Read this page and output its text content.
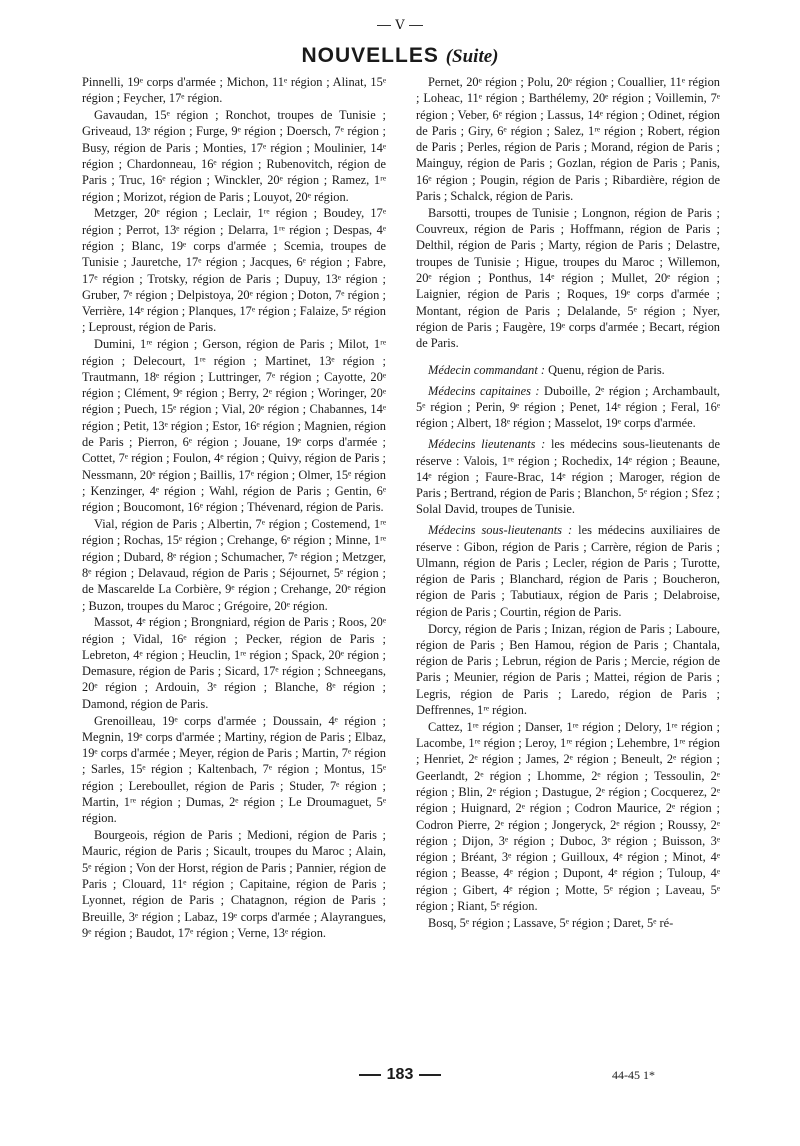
V
NOUVELLES (Suite)

Pinnelli, 19ᵉ corps d'armée ; Michon, 11ᵉ région ; Alinat, 15ᵉ région ; Feycher, 17ᵉ région.

Gavaudan, 15ᵉ région ; Ronchot, troupes de Tunisie ; Griveaud, 13ᵉ région ; Furge, 9ᵉ région ; Doersch, 7ᵉ région ; Busy, région de Paris ; Monties, 17ᵉ région ; Moulinier, 14ᵉ région ; Chardonneau, 16ᵉ région ; Rubenovitch, région de Paris ; Truc, 16ᵉ région ; Winckler, 20ᵉ région ; Ramez, 1ʳᵉ région ; Morizot, région de Paris ; Louyot, 20ᵉ région.

Metzger, 20ᵉ région ; Leclair, 1ʳᵉ région ; Boudey, 17ᵉ région ; Perrot, 13ᵉ région ; Delarra, 1ʳᵉ région ; Despas, 4ᵉ région ; Blanc, 19ᵉ corps d'armée ; Scemia, troupes de Tunisie ; Jauretche, 17ᵉ région ; Jacques, 6ᵉ région ; Fabre, 17ᵉ région ; Trotsky, région de Paris ; Dupuy, 13ᵉ région ; Gruber, 7ᵉ région ; Delpistoya, 20ᵉ région ; Doton, 7ᵉ région ; Verrière, 14ᵉ région ; Planques, 17ᵉ région ; Falaize, 5ᵉ région ; Leproust, région de Paris.

Dumini, 1ʳᵉ région ; Gerson, région de Paris ; Milot, 1ʳᵉ région ; Delecourt, 1ʳᵉ région ; Martinet, 13ᵉ région ; Trautmann, 18ᵉ région ; Luttringer, 7ᵉ région ; Cayotte, 20ᵉ région ; Clément, 9ᵉ région ; Berry, 2ᵉ région ; Woringer, 20ᵉ région ; Puech, 15ᵉ région ; Vial, 20ᵉ région ; Chabannes, 14ᵉ région ; Petit, 13ᵉ région ; Estor, 16ᵉ région ; Magnien, région de Paris ; Pierron, 6ᵉ région ; Jouane, 19ᵉ corps d'armée ; Cottet, 7ᵉ région ; Foulon, 4ᵉ région ; Quivy, région de Paris ; Nessmann, 20ᵉ région ; Baillis, 17ᵉ région ; Olmer, 15ᵉ région ; Kenzinger, 4ᵉ région ; Wahl, région de Paris ; Gentin, 6ᵉ région ; Boucomont, 16ᵉ région ; Thévenard, région de Paris.

Vial, région de Paris ; Albertin, 7ᵉ région ; Costemend, 1ʳᵉ région ; Rochas, 15ᵉ région ; Crehange, 6ᵉ région ; Minne, 1ʳᵉ région ; Dubard, 8ᵉ région ; Schumacher, 7ᵉ région ; Metzger, 8ᵉ région ; Delavaud, région de Paris ; Séjournet, 5ᵉ région ; de Mascarelde La Corbière, 9ᵉ région ; Crehange, 20ᵉ région ; Buzon, troupes du Maroc ; Grégoire, 20ᵉ région.

Massot, 4ᵉ région ; Brongniard, région de Paris ; Roos, 20ᵉ région ; Vidal, 16ᵉ région ; Pecker, région de Paris ; Lebreton, 4ᵉ région ; Heuclin, 1ʳᵉ région ; Spack, 20ᵉ région ; Demasure, région de Paris ; Sicard, 17ᵉ région ; Schneegans, 20ᵉ région ; Ardouin, 3ᵉ région ; Blanche, 8ᵉ région ; Damond, région de Paris.

Grenoilleau, 19ᵉ corps d'armée ; Doussain, 4ᵉ région ; Megnin, 19ᵉ corps d'armée ; Martiny, région de Paris ; Elbaz, 19ᵉ corps d'armée ; Meyer, région de Paris ; Martin, 7ᵉ région ; Sarles, 15ᵉ région ; Kaltenbach, 7ᵉ région ; Montus, 15ᵉ région ; Lereboullet, région de Paris ; Studer, 7ᵉ région ; Martin, 1ʳᵉ région ; Dumas, 2ᵉ région ; Le Droumaguet, 5ᵉ région.

Bourgeois, région de Paris ; Medioni, région de Paris ; Mauric, région de Paris ; Sicault, troupes du Maroc ; Alain, 5ᵉ région ; Von der Horst, région de Paris ; Pannier, région de Paris ; Clouard, 11ᵉ région ; Capitaine, région de Paris ; Lyonnet, région de Paris ; Chatagnon, région de Paris ; Breuille, 3ᵉ région ; Labaz, 19ᵉ corps d'armée ; Alayrangues, 9ᵉ région ; Baudot, 17ᵉ région ; Verne, 13ᵉ région.

Pernet, 20ᵉ région ; Polu, 20ᵉ région ; Couallier, 11ᵉ région ; Loheac, 11ᵉ région ; Barthélemy, 20ᵉ région ; Voillemin, 7ᵉ région ; Veber, 6ᵉ région ; Lassus, 14ᵉ région ; Odinet, région de Paris ; Giry, 6ᵉ région ; Salez, 1ʳᵉ région ; Robert, région de Paris ; Perles, région de Paris ; Morand, région de Paris ; Mainguy, région de Paris ; Gozlan, région de Paris ; Panis, 16ᵉ région ; Pougin, région de Paris ; Ribardière, région de Paris ; Schalck, région de Paris.

Barsotti, troupes de Tunisie ; Longnon, région de Paris ; Couvreux, région de Paris ; Hoffmann, région de Paris ; Delthil, région de Paris ; Marty, région de Paris ; Delastre, troupes de Tunisie ; Higue, troupes du Maroc ; Willemon, 20ᵉ région ; Ponthus, 14ᵉ région ; Mullet, 20ᵉ région ; Laignier, région de Paris ; Roques, 19ᵉ corps d'armée ; Montant, région de Paris ; Delalande, 5ᵉ région ; Nyer, région de Paris ; Faugère, 19ᵉ corps d'armée ; Becart, région de Paris.

Médecin commandant : Quenu, région de Paris.

Médecins capitaines : Duboille, 2ᵉ région ; Archambault, 5ᵉ région ; Perin, 9ᵉ région ; Penet, 14ᵉ région ; Feral, 16ᵉ région ; Albert, 18ᵉ région ; Masselot, 19ᵉ corps d'armée.

Médecins lieutenants : les médecins sous-lieutenants de réserve : Valois, 1ʳᵉ région ; Rochedix, 14ᵉ région ; Beaune, 14ᵉ région ; Faure-Brac, 14ᵉ région ; Maroger, région de Paris ; Bertrand, région de Paris ; Blanchon, 5ᵉ région ; Sfez ; Solal David, troupes de Tunisie.

Médecins sous-lieutenants : les médecins auxiliaires de réserve : Gibon, région de Paris ; Carrère, région de Paris ; Ulmann, région de Paris ; Lecler, région de Paris ; Turotte, région de Paris ; Blanchard, région de Paris ; Boucheron, région de Paris ; Tabutiaux, région de Paris ; Delabroise, région de Paris ; Courtin, région de Paris.

Dorcy, région de Paris ; Inizan, région de Paris ; Laboure, région de Paris ; Ben Hamou, région de Paris ; Chantala, région de Paris ; Lebrun, région de Paris ; Mercie, région de Paris ; Meunier, région de Paris ; Mattei, région de Paris ; Legris, région de Paris ; Laredo, région de Paris ; Deffrennes, 1ʳᵉ région.

Cattez, 1ʳᵉ région ; Danser, 1ʳᵉ région ; Delory, 1ʳᵉ région ; Lacombe, 1ʳᵉ région ; Leroy, 1ʳᵉ région ; Lehembre, 1ʳᵉ région ; Henriet, 2ᵉ région ; James, 2ᵉ région ; Beneult, 2ᵉ région ; Geerlandt, 2ᵉ région ; Lhomme, 2ᵉ région ; Tessoulin, 2ᵉ région ; Blin, 2ᵉ région ; Dastugue, 2ᵉ région ; Cocquerez, 2ᵉ région ; Huignard, 2ᵉ région ; Codron Maurice, 2ᵉ région ; Codron Pierre, 2ᵉ région ; Jongeryck, 2ᵉ région ; Roussy, 2ᵉ région ; Dijon, 3ᵉ région ; Duboc, 3ᵉ région ; Buisson, 3ᵉ région ; Bréant, 3ᵉ région ; Guilloux, 4ᵉ région ; Minot, 4ᵉ région ; Beasse, 4ᵉ région ; Dupont, 4ᵉ région ; Tuloup, 4ᵉ région ; Gibert, 4ᵉ région ; Motte, 5ᵉ région ; Laveau, 5ᵉ région ; Riant, 5ᵉ région.

Bosq, 5ᵉ région ; Lassave, 5ᵉ région ; Daret, 5ᵉ ré-

183	44-45 1*
